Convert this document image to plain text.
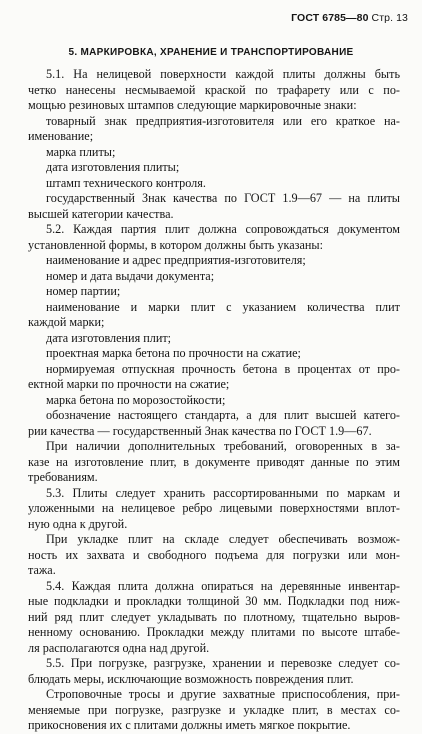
ГОСТ 6785—80 Стр. 13
5. МАРКИРОВКА, ХРАНЕНИЕ И ТРАНСПОРТИРОВАНИЕ
5.1. На нелицевой поверхности каждой плиты должны быть
четко нанесены несмываемой краской по трафарету или с по-
мощью резиновых штампов следующие маркировочные знаки:
товарный знак предприятия-изготовителя или его краткое на-
именование;
марка плиты;
дата изготовления плиты;
штамп технического контроля.
государственный Знак качества по ГОСТ 1.9—67 — на плиты
высшей категории качества.
5.2. Каждая партия плит должна сопровождаться документом
установленной формы, в котором должны быть указаны:
наименование и адрес предприятия-изготовителя;
номер и дата выдачи документа;
номер партии;
наименование и марки плит с указанием количества плит
каждой марки;
дата изготовления плит;
проектная марка бетона по прочности на сжатие;
нормируемая отпускная прочность бетона в процентах от про-
ектной марки по прочности на сжатие;
марка бетона по морозостойкости;
обозначение настоящего стандарта, а для плит высшей катего-
рии качества — государственный Знак качества по ГОСТ 1.9—67.
При наличии дополнительных требований, оговоренных в за-
казе на изготовление плит, в документе приводят данные по этим
требованиям.
5.3. Плиты следует хранить рассортированными по маркам и
уложенными на нелицевое ребро лицевыми поверхностями вплот-
ную одна к другой.
При укладке плит на складе следует обеспечивать возмож-
ность их захвата и свободного подъема для погрузки или мон-
тажа.
5.4. Каждая плита должна опираться на деревянные инвентар-
ные подкладки и прокладки толщиной 30 мм. Подкладки под ниж-
ний ряд плит следует укладывать по плотному, тщательно выров-
ненному основанию. Прокладки между плитами по высоте штабе-
ля располагаются одна над другой.
5.5. При погрузке, разгрузке, хранении и перевозке следует со-
блюдать меры, исключающие возможность повреждения плит.
Строповочные тросы и другие захватные приспособления, при-
меняемые при погрузке, разгрузке и укладке плит, в местах со-
прикосновения их с плитами должны иметь мягкое покрытие.
